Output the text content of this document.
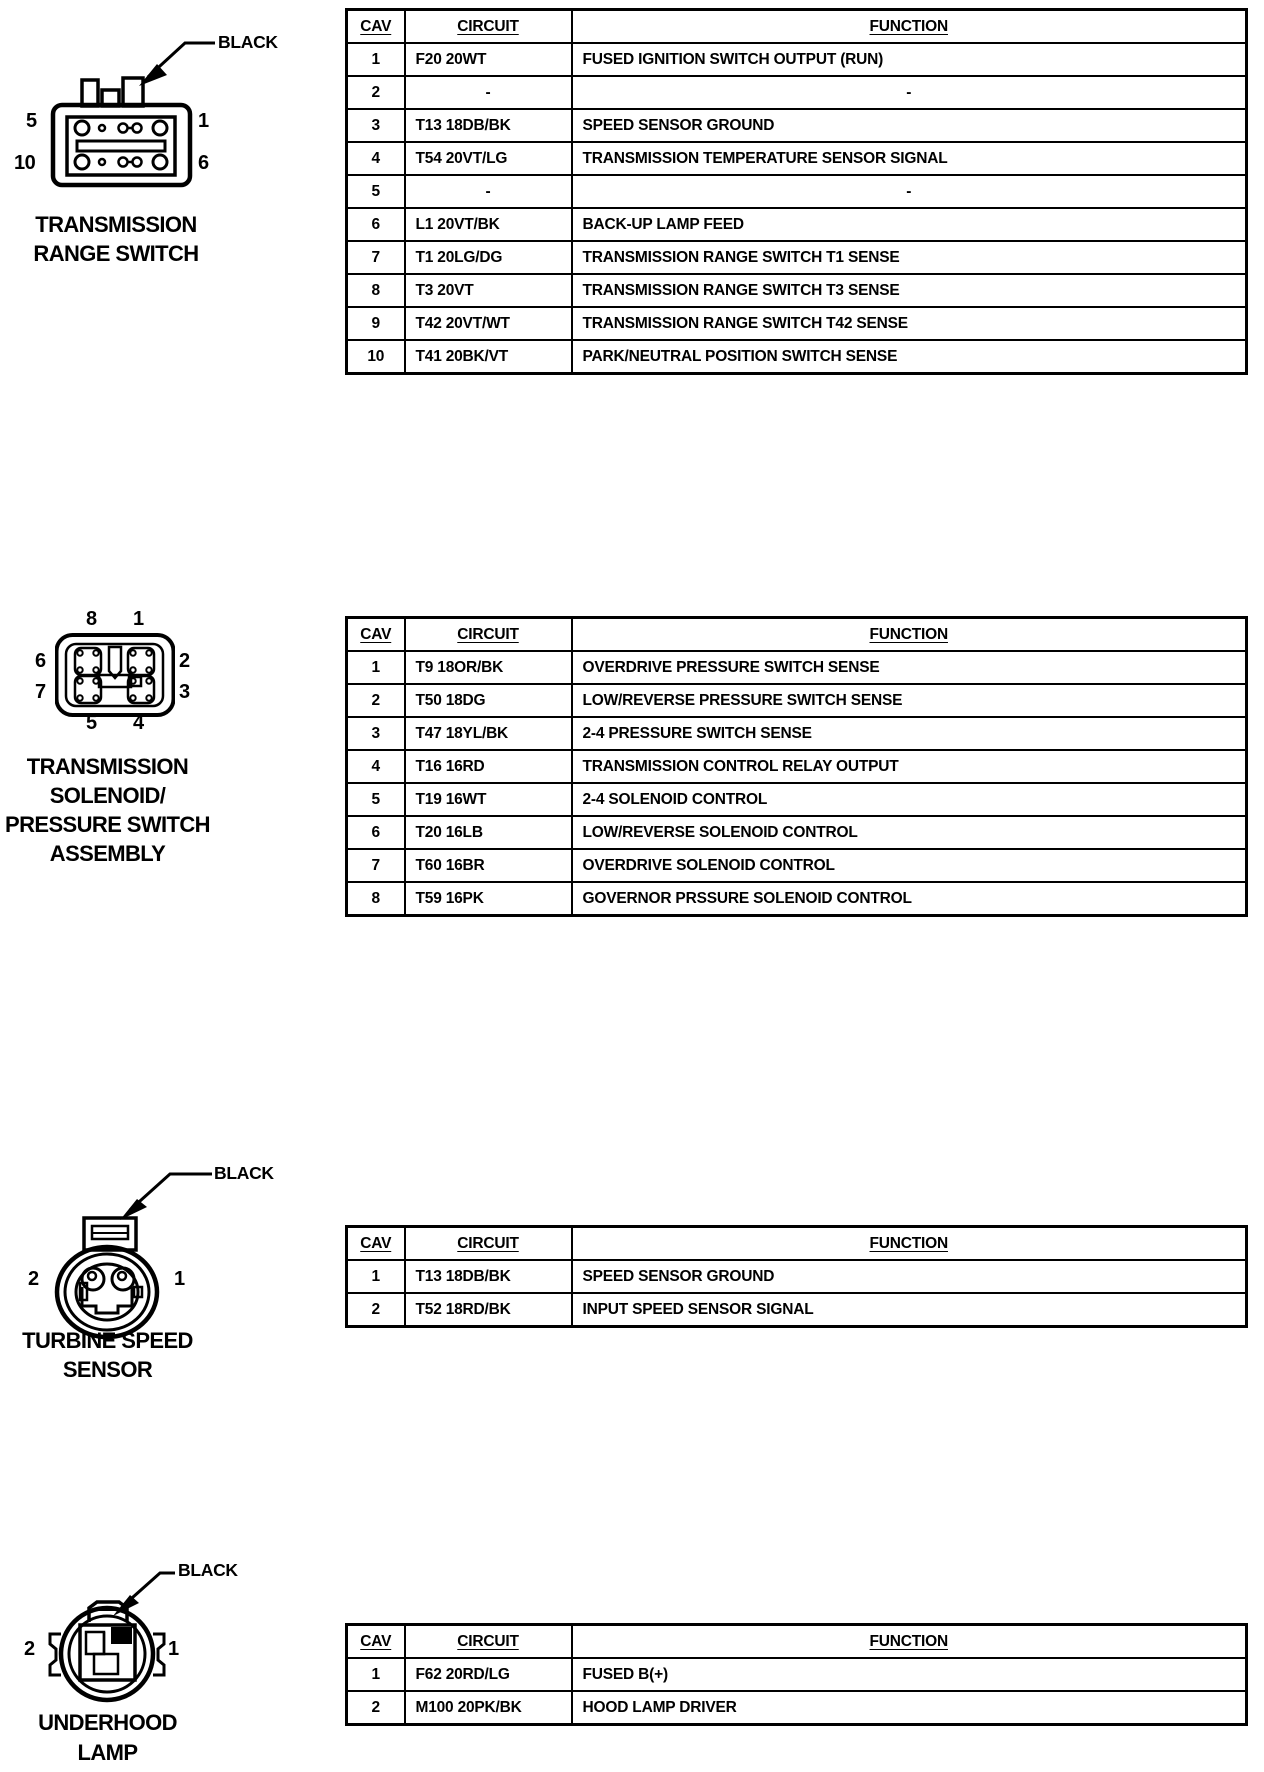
BLACK
5	1
10	6
TRANSMISSION
RANGE SWITCH
CAV	CIRCUIT	FUNCTION
1	F20 20WT	FUSED IGNITION SWITCH OUTPUT (RUN)
2	-	-
3	T13 18DB/BK	SPEED SENSOR GROUND
4	T54 20VT/LG	TRANSMISSION TEMPERATURE SENSOR SIGNAL
5	-	-
6	L1 20VT/BK	BACK-UP LAMP FEED
7	T1 20LG/DG	TRANSMISSION RANGE SWITCH T1 SENSE
8	T3 20VT	TRANSMISSION RANGE SWITCH T3 SENSE
9	T42 20VT/WT	TRANSMISSION RANGE SWITCH T42 SENSE
10	T41 20BK/VT	PARK/NEUTRAL POSITION SWITCH SENSE
8 1
6
7
2
3
5 4
TRANSMISSION
SOLENOID/
PRESSURE SWITCH
ASSEMBLY
CAV	CIRCUIT	FUNCTION
1	T9 18OR/BK	OVERDRIVE PRESSURE SWITCH SENSE
2	T50 18DG	LOW/REVERSE PRESSURE SWITCH SENSE
3	T47 18YL/BK	2-4 PRESSURE SWITCH SENSE
4	T16 16RD	TRANSMISSION CONTROL RELAY OUTPUT
5	T19 16WT	2-4 SOLENOID CONTROL
6	T20 16LB	LOW/REVERSE SOLENOID CONTROL
7	T60 16BR	OVERDRIVE SOLENOID CONTROL
8	T59 16PK	GOVERNOR PRSSURE SOLENOID CONTROL
BLACK
2	1
TURBINE SPEED
SENSOR
CAV	CIRCUIT	FUNCTION
1	T13 18DB/BK	SPEED SENSOR GROUND
2	T52 18RD/BK	INPUT SPEED SENSOR SIGNAL
BLACK
2	1
UNDERHOOD
LAMP
CAV	CIRCUIT	FUNCTION
1	F62 20RD/LG	FUSED B(+)
2	M100 20PK/BK	HOOD LAMP DRIVER
